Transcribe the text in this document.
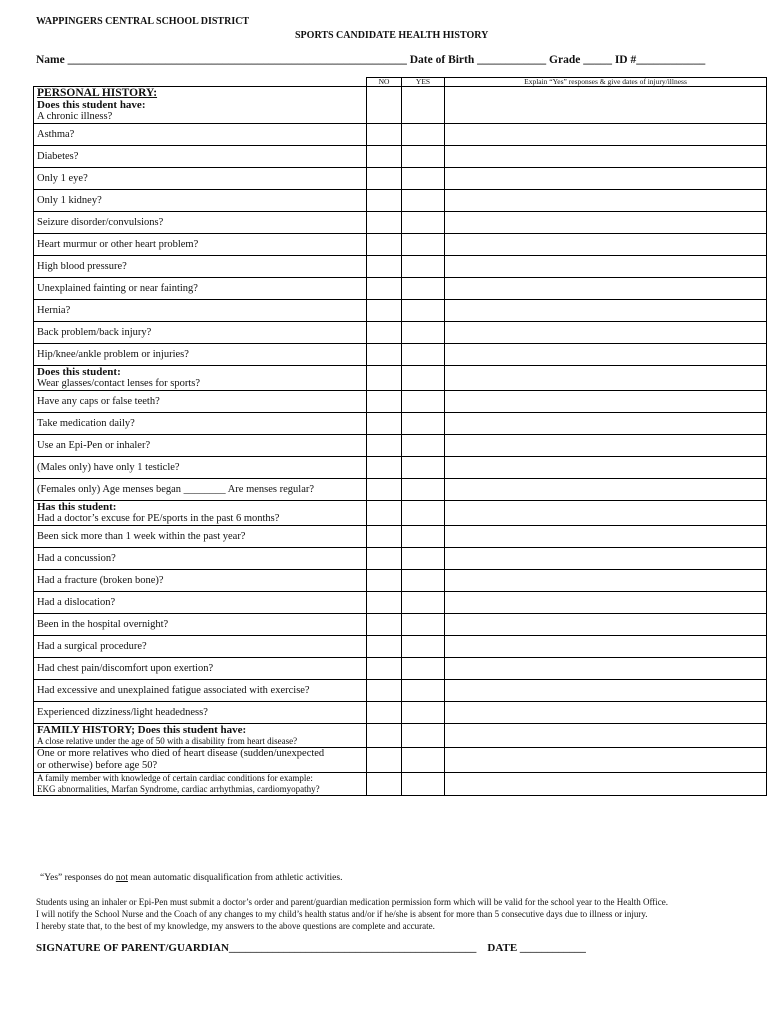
WAPPINGERS CENTRAL SCHOOL DISTRICT
SPORTS CANDIDATE HEALTH HISTORY
Name ___________________________________________________________ Date of Birth ____________ Grade _____ ID #____________
	NO	YES	Explain “Yes” responses & give dates of injury/illness

PERSONAL HISTORY:
Does this student have:
A chronic illness?			

Asthma?			

Diabetes?			

Only 1 eye?			

Only 1 kidney?			

Seizure disorder/convulsions?			

Heart murmur or other heart problem?			

High blood pressure?			

Unexplained fainting or near fainting?			

Hernia?			

Back problem/back injury?			

Hip/knee/ankle problem or injuries?			

Does this student:
Wear glasses/contact lenses for sports?			

Have any caps or false teeth?			

Take medication daily?			

Use an Epi-Pen or inhaler?			

(Males only) have only 1 testicle?			

(Females only) Age menses began ________ Are menses regular?			

Has this student:
Had a doctor’s excuse for PE/sports in the past 6 months?			

Been sick more than 1 week within the past year?			

Had a concussion?			

Had a fracture (broken bone)?			

Had a dislocation?			

Been in the hospital overnight?			

Had a surgical procedure?			

Had chest pain/discomfort upon exertion?			

Had excessive and unexplained fatigue associated with exercise?			

Experienced dizziness/light headedness?			

FAMILY HISTORY; Does this student have:
A close relative under the age of 50 with a disability from heart disease?			

One or more relatives who died of heart disease (sudden/unexpected
or otherwise) before age 50?			

A family member with knowledge of certain cardiac conditions for example:
EKG abnormalities, Marfan Syndrome, cardiac arrhythmias, cardiomyopathy?			

“Yes” responses do not mean automatic disqualification from athletic activities.
Students using an inhaler or Epi-Pen must submit a doctor’s order and parent/guardian medication permission form which will be valid for the school year to the Health Office.
I will notify the School Nurse and the Coach of any changes to my child’s health status and/or if he/she is absent for more than 5 consecutive days due to illness or injury.
I hereby state that, to the best of my knowledge, my answers to the above questions are complete and accurate.
SIGNATURE OF PARENT/GUARDIAN_____________________________________________ DATE ____________
